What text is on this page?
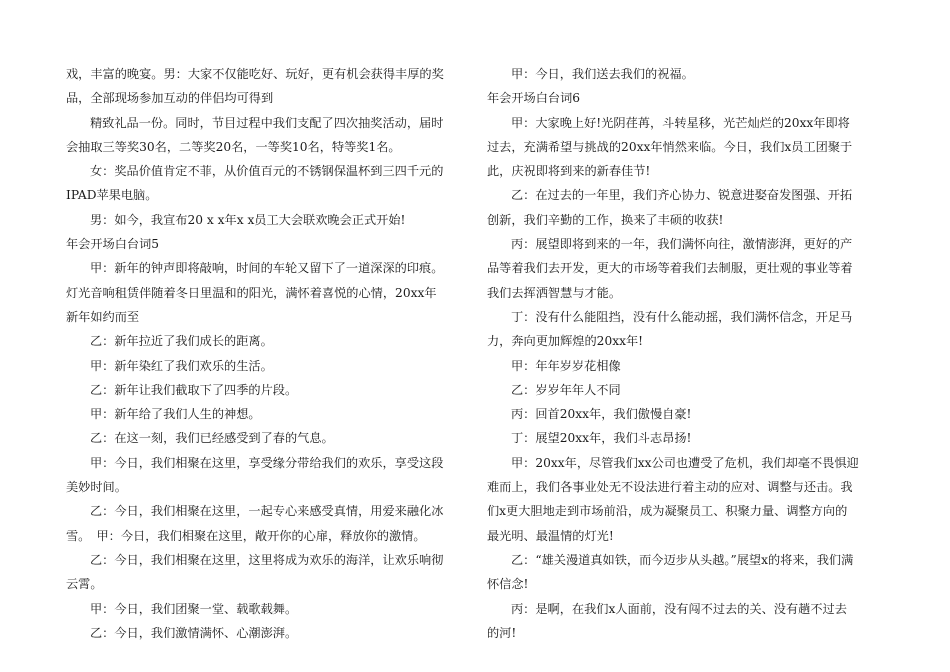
戏，丰富的晚宴。男：大家不仅能吃好、玩好，更有机会获得丰厚的奖品，全部现场参加互动的伴侣均可得到

精致礼品一份。同时，节目过程中我们支配了四次抽奖活动，届时会抽取三等奖30名，二等奖20名，一等奖10名，特等奖1名。

女：奖品价值肯定不菲，从价值百元的不锈钢保温杯到三四千元的IPAD苹果电脑。

男：如今，我宣布20 x x年x x员工大会联欢晚会正式开始!

年会开场白台词5

甲：新年的钟声即将敲响，时间的车轮又留下了一道深深的印痕。灯光音响租赁伴随着冬日里温和的阳光，满怀着喜悦的心情，20xx年新年如约而至

乙：新年拉近了我们成长的距离。

甲：新年染红了我们欢乐的生活。

乙：新年让我们截取下了四季的片段。

甲：新年给了我们人生的神想。

乙：在这一刻，我们已经感受到了春的气息。

甲：今日，我们相聚在这里，享受缘分带给我们的欢乐，享受这段美妙时间。

乙：今日，我们相聚在这里，一起专心来感受真情，用爱来融化冰雪。　甲：今日，我们相聚在这里，敞开你的心扉，释放你的激情。

乙：今日，我们相聚在这里，这里将成为欢乐的海洋，让欢乐响彻云霄。

甲：今日，我们团聚一堂、载歌载舞。

乙：今日，我们激情满怀、心潮澎湃。

甲：今日，我们送去我们的祝福。

年会开场白台词6

甲：大家晚上好!光阴荏苒，斗转星移，光芒灿烂的20xx年即将过去，充满希望与挑战的20xx年悄然来临。今日，我们x员工团聚于此，庆祝即将到来的新春佳节!

乙：在过去的一年里，我们齐心协力、锐意进娶奋发图强、开拓创新，我们辛勤的工作，换来了丰硕的收获!

丙：展望即将到来的一年，我们满怀向往，激情澎湃，更好的产品等着我们去开发，更大的市场等着我们去制服，更壮观的事业等着我们去挥洒智慧与才能。

丁：没有什么能阻挡，没有什么能动摇，我们满怀信念，开足马力，奔向更加辉煌的20xx年!

甲：年年岁岁花相像

乙：岁岁年年人不同

丙：回首20xx年，我们傲慢自豪!

丁：展望20xx年，我们斗志昂扬!

甲：20xx年，尽管我们xx公司也遭受了危机，我们却毫不畏惧迎难而上，我们各事业处无不设法进行着主动的应对、调整与还击。我们x更大胆地走到市场前沿，成为凝聚员工、积聚力量、调整方向的最光明、最温情的灯光!

乙：“雄关漫道真如铁，而今迈步从头越。”展望x的将来，我们满怀信念!

丙：是啊，在我们x人面前，没有闯不过去的关、没有趟不过去的河!
